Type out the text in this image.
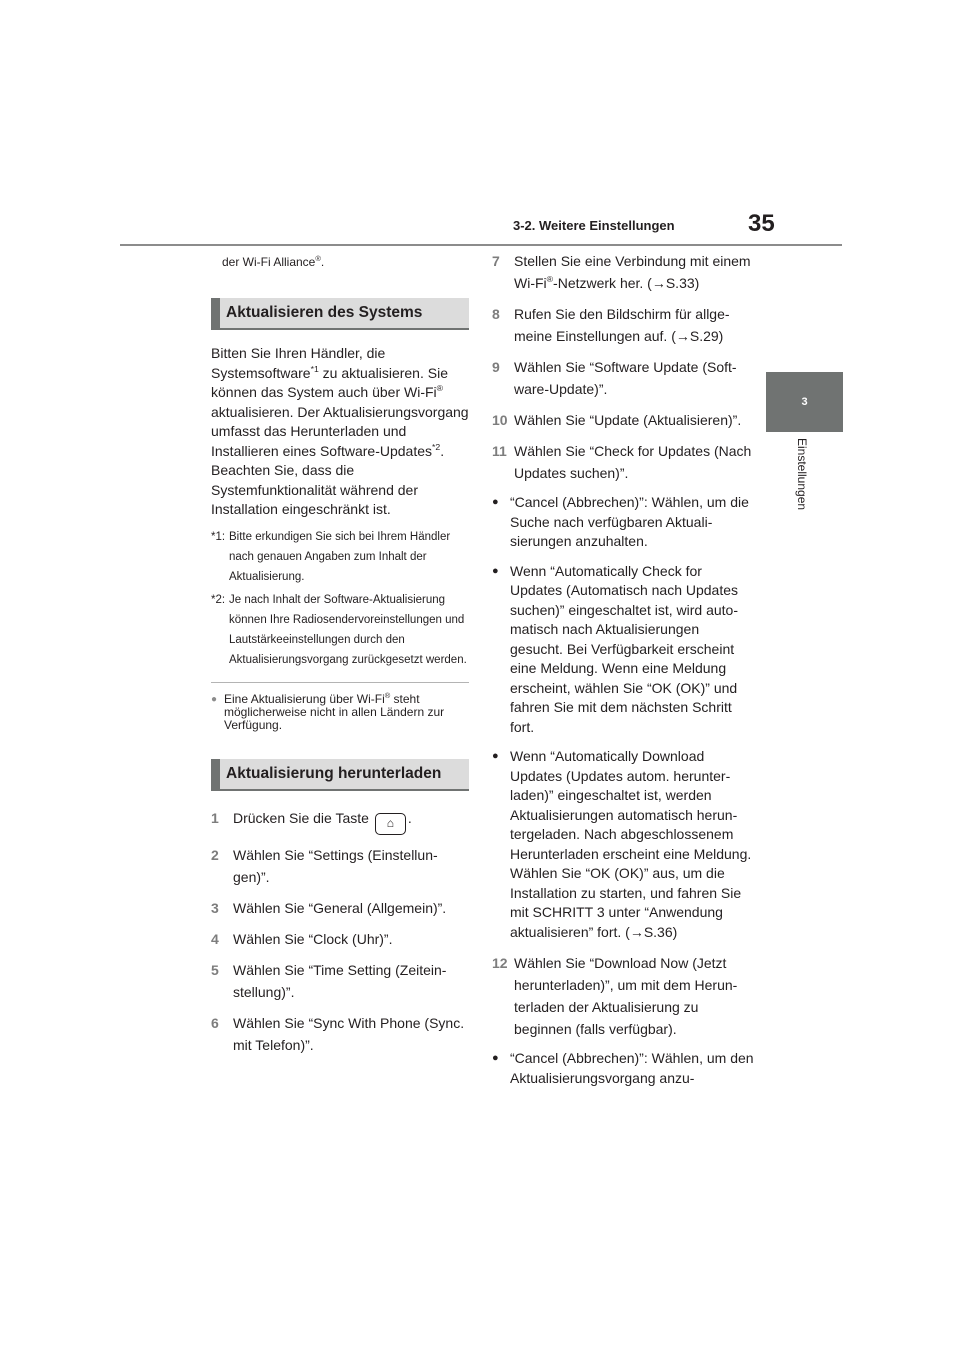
3-2. Weitere Einstellungen	35
3
Einstellungen
der Wi-Fi Alliance®.
Aktualisieren des Systems

Bitten Sie Ihren Händler, die Systemsoftware$^{*1}$ zu aktualisieren. Sie können das System auch über Wi-Fi® aktualisieren. Der Aktualisierungsvorgang umfasst das Herunterladen und Installieren eines Software-Updates$^{*2}$. Beachten Sie, dass die Systemfunktionalität während der Installation eingeschränkt ist.

*1: Bitte erkundigen Sie sich bei Ihrem Händler nach genauen Angaben zum Inhalt der Aktualisierung.
*2: Je nach Inhalt der Software-Aktualisierung können Ihre Radiosendervoreinstellungen und Lautstärkeeinstellungen durch den Aktualisierungsvorgang zurückgesetzt werden.
● Eine Aktualisierung über Wi-Fi® steht möglicherweise nicht in allen Ländern zur Verfügung.
Aktualisierung herunterladen
1	Drücken Sie die Taste ⌂ .
2	Wählen Sie “Settings (Einstellungen)”.
3	Wählen Sie “General (Allgemein)”.
4	Wählen Sie “Clock (Uhr)”.
5	Wählen Sie “Time Setting (Zeiteinstellung)”.
6	Wählen Sie “Sync With Phone (Sync. mit Telefon)”.
7	Stellen Sie eine Verbindung mit einem Wi-Fi®-Netzwerk her. (→S.33)
8	Rufen Sie den Bildschirm für allgemeine Einstellungen auf. (→S.29)
9	Wählen Sie “Software Update (Software-Update)”.
10 Wählen Sie “Update (Aktualisieren)”.
11 Wählen Sie “Check for Updates (Nach Updates suchen)”.
● “Cancel (Abbrechen)”: Wählen, um die Suche nach verfügbaren Aktualisierungen anzuhalten.
● Wenn “Automatically Check for Updates (Automatisch nach Updates suchen)” eingeschaltet ist, wird automatisch nach Aktualisierungen gesucht. Bei Verfügbarkeit erscheint eine Meldung. Wenn eine Meldung erscheint, wählen Sie “OK (OK)” und fahren Sie mit dem nächsten Schritt fort.
● Wenn “Automatically Download Updates (Updates autom. herunterladen)” eingeschaltet ist, werden Aktualisierungen automatisch heruntergeladen. Nach abgeschlossenem Herunterladen erscheint eine Meldung. Wählen Sie “OK (OK)” aus, um die Installation zu starten, und fahren Sie mit SCHRITT 3 unter “Anwendung aktualisieren” fort. (→S.36)
12 Wählen Sie “Download Now (Jetzt herunterladen)”, um mit dem Herunterladen der Aktualisierung zu beginnen (falls verfügbar).
● “Cancel (Abbrechen)”: Wählen, um den Aktualisierungsvorgang anzu-
